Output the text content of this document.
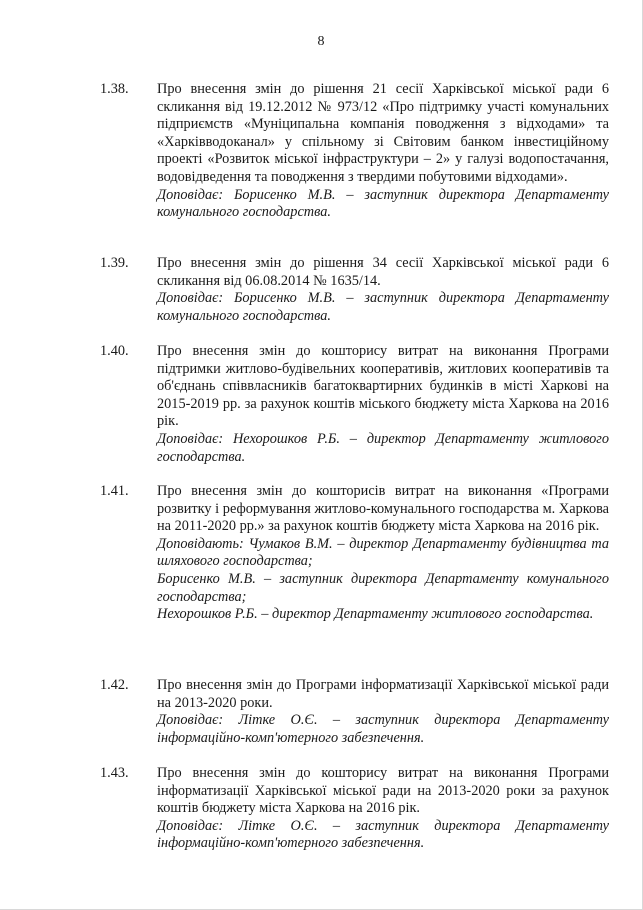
8
1.38. Про внесення змін до рішення 21 сесії Харківської міської ради 6 скликання від 19.12.2012 № 973/12 «Про підтримку участі комунальних підприємств «Муніципальна компанія поводження з відходами» та «Харківводоканал» у спільному зі Світовим банком інвестиційному проекті «Розвиток міської інфраструктури – 2» у галузі водопостачання, водовідведення та поводження з твердими побутовими відходами».

Доповідає: Борисенко М.В. – заступник директора Департаменту комунального господарства.

1.39. Про внесення змін до рішення 34 сесії Харківської міської ради 6 скликання від 06.08.2014 № 1635/14.

Доповідає: Борисенко М.В. – заступник директора Департаменту комунального господарства.

1.40. Про внесення змін до кошторису витрат на виконання Програми підтримки житлово-будівельних кооперативів, житлових кооперативів та об'єднань співвласників багатоквартирних будинків в місті Харкові на 2015-2019 рр. за рахунок коштів міського бюджету міста Харкова на 2016 рік.

Доповідає: Нехорошков Р.Б. – директор Департаменту житлового господарства.

1.41. Про внесення змін до кошторисів витрат на виконання «Програми розвитку і реформування житлово-комунального господарства м. Харкова на 2011-2020 рр.» за рахунок коштів бюджету міста Харкова на 2016 рік.

Доповідають: Чумаков В.М. – директор Департаменту будівництва та шляхового господарства;

Борисенко М.В. – заступник директора Департаменту комунального господарства;

Нехорошков Р.Б. – директор Департаменту житлового господарства.

1.42. Про внесення змін до Програми інформатизації Харківської міської ради на 2013-2020 роки.

Доповідає: Літке О.Є. – заступник директора Департаменту інформаційно-комп'ютерного забезпечення.

1.43. Про внесення змін до кошторису витрат на виконання Програми інформатизації Харківської міської ради на 2013-2020 роки за рахунок коштів бюджету міста Харкова на 2016 рік.

Доповідає: Літке О.Є. – заступник директора Департаменту інформаційно-комп'ютерного забезпечення.
